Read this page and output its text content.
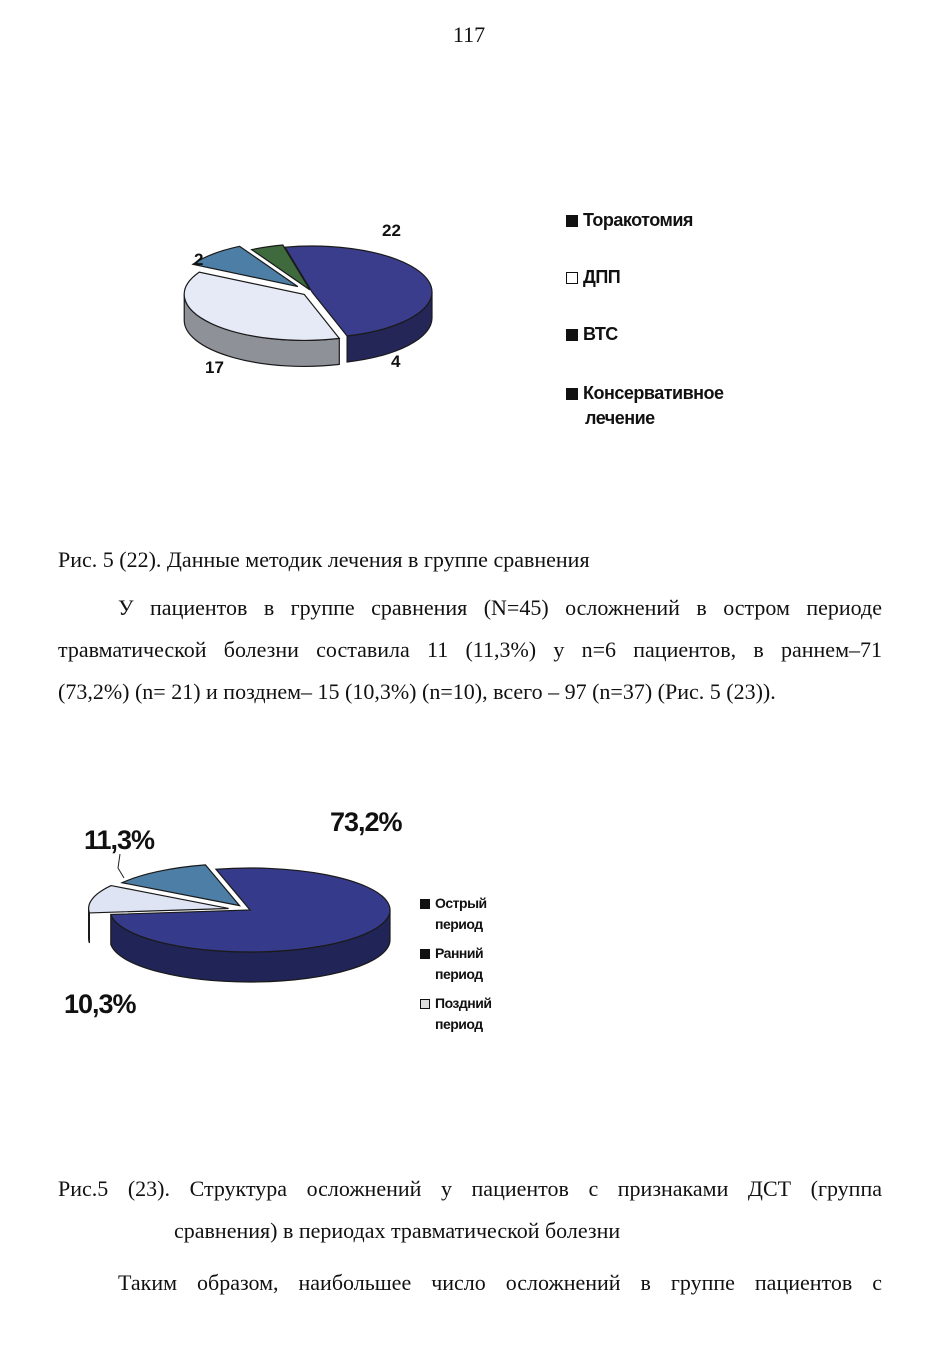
117
22
17	4
2
Торакотомия
ДПП
ВТС
Консервативное
лечение
Рис. 5 (22). Данные методик лечения в группе сравнения
У пациентов в группе сравнения (N=45) осложнений в остром периоде
травматической болезни составила 11 (11,3%) у n=6 пациентов, в раннем–71
(73,2%) (n= 21) и позднем– 15 (10,3%) (n=10), всего – 97 (n=37) (Рис. 5 (23)).
73,2%
11,3%
10,3%
Острый
период
Ранний
период
Поздний
период
Рис.5 (23). Структура осложнений у пациентов с признаками ДСТ (группа
сравнения) в периодах травматической болезни
Таким образом, наибольшее число осложнений в группе пациентов с
